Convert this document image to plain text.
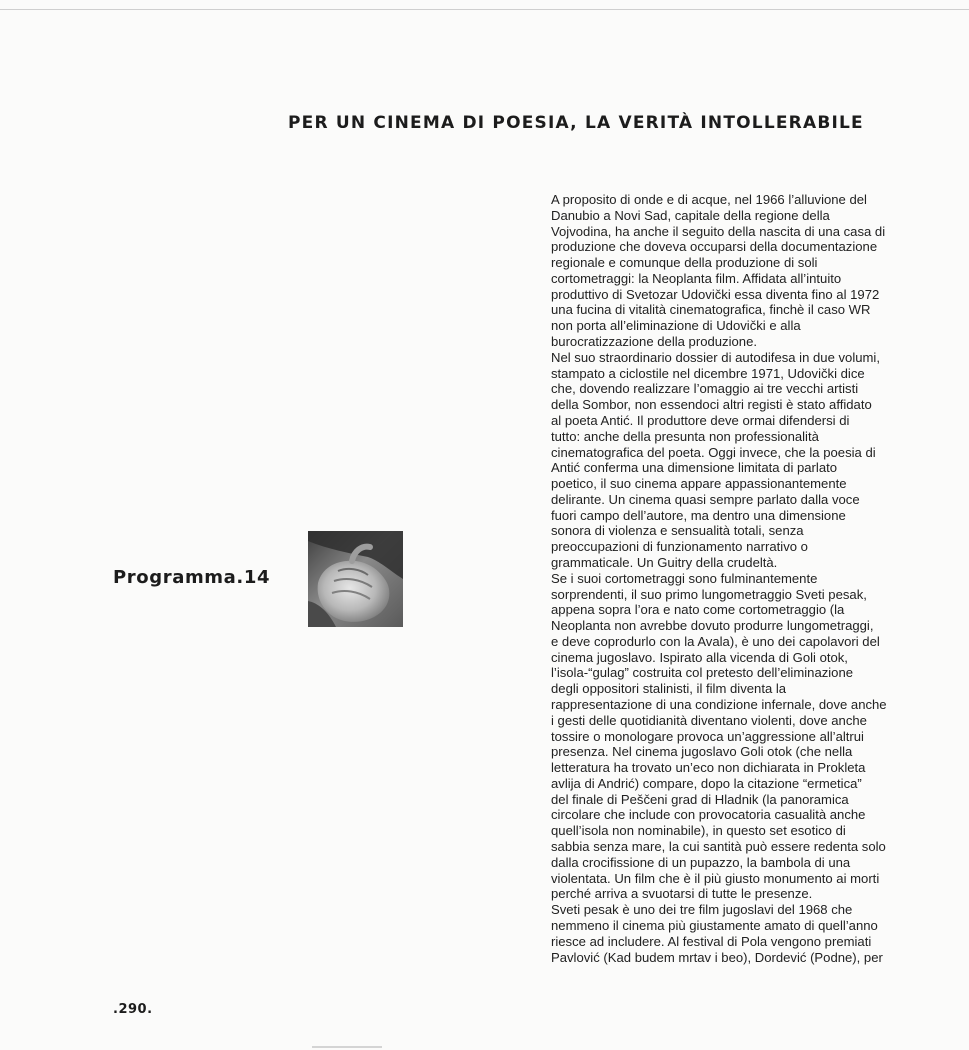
PER UN CINEMA DI POESIA, LA VERITÀ INTOLLERABILE
Programma.14

A proposito di onde e di acque, nel 1966 l’alluvione del
Danubio a Novi Sad, capitale della regione della
Vojvodina, ha anche il seguito della nascita di una casa di
produzione che doveva occuparsi della documentazione
regionale e comunque della produzione di soli
cortometraggi: la Neoplanta film. Affidata all’intuito
produttivo di Svetozar Udovički essa diventa fino al 1972
una fucina di vitalità cinematografica, finchè il caso WR
non porta all’eliminazione di Udovički e alla
burocratizzazione della produzione.

Nel suo straordinario dossier di autodifesa in due volumi,
stampato a ciclostile nel dicembre 1971, Udovički dice
che, dovendo realizzare l’omaggio ai tre vecchi artisti
della Sombor, non essendoci altri registi è stato affidato
al poeta Antić. Il produttore deve ormai difendersi di
tutto: anche della presunta non professionalità
cinematografica del poeta. Oggi invece, che la poesia di
Antić conferma una dimensione limitata di parlato
poetico, il suo cinema appare appassionantemente
delirante. Un cinema quasi sempre parlato dalla voce
fuori campo dell’autore, ma dentro una dimensione
sonora di violenza e sensualità totali, senza
preoccupazioni di funzionamento narrativo o
grammaticale. Un Guitry della crudeltà.

Se i suoi cortometraggi sono fulminantemente
sorprendenti, il suo primo lungometraggio Sveti pesak,
appena sopra l’ora e nato come cortometraggio (la
Neoplanta non avrebbe dovuto produrre lungometraggi,
e deve coprodurlo con la Avala), è uno dei capolavori del
cinema jugoslavo. Ispirato alla vicenda di Goli otok,
l’isola-“gulag” costruita col pretesto dell’eliminazione
degli oppositori stalinisti, il film diventa la
rappresentazione di una condizione infernale, dove anche
i gesti delle quotidianità diventano violenti, dove anche
tossire o monologare provoca un’aggressione all’altrui
presenza. Nel cinema jugoslavo Goli otok (che nella
letteratura ha trovato un’eco non dichiarata in Prokleta
avlija di Andrić) compare, dopo la citazione “ermetica”
del finale di Peščeni grad di Hladnik (la panoramica
circolare che include con provocatoria casualità anche
quell’isola non nominabile), in questo set esotico di
sabbia senza mare, la cui santità può essere redenta solo
dalla crocifissione di un pupazzo, la bambola di una
violentata. Un film che è il più giusto monumento ai morti
perché arriva a svuotarsi di tutte le presenze.

Sveti pesak è uno dei tre film jugoslavi del 1968 che
nemmeno il cinema più giustamente amato di quell’anno
riesce ad includere. Al festival di Pola vengono premiati
Pavlović (Kad budem mrtav i beo), Dordević (Podne), per

.290.
